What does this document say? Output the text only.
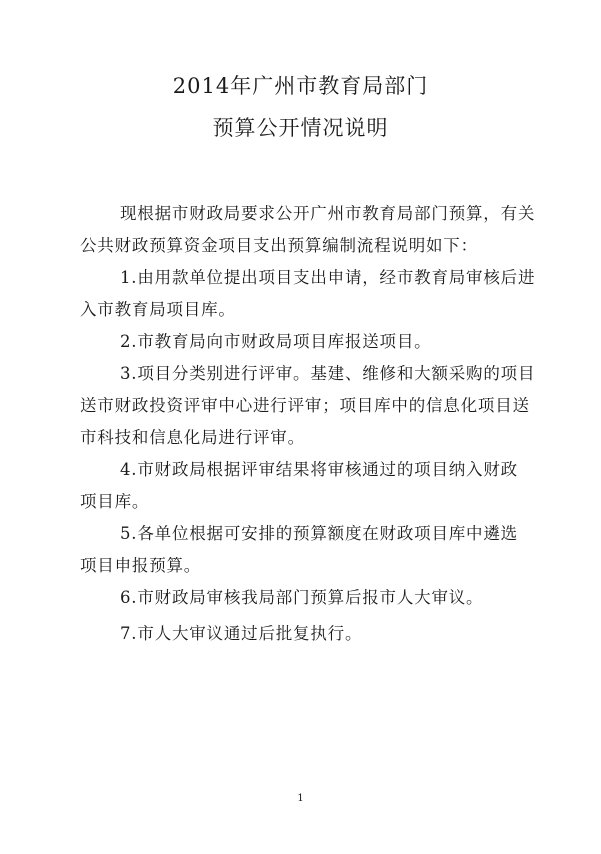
2014年广州市教育局部门
预算公开情况说明
现根据市财政局要求公开广州市教育局部门预算，有关
公共财政预算资金项目支出预算编制流程说明如下：
1.由用款单位提出项目支出申请，经市教育局审核后进
入市教育局项目库。
2.市教育局向市财政局项目库报送项目。
3.项目分类别进行评审。基建、维修和大额采购的项目
送市财政投资评审中心进行评审；项目库中的信息化项目送
市科技和信息化局进行评审。
4.市财政局根据评审结果将审核通过的项目纳入财政
项目库。
5.各单位根据可安排的预算额度在财政项目库中遴选
项目申报预算。
6.市财政局审核我局部门预算后报市人大审议。
7.市人大审议通过后批复执行。
1
